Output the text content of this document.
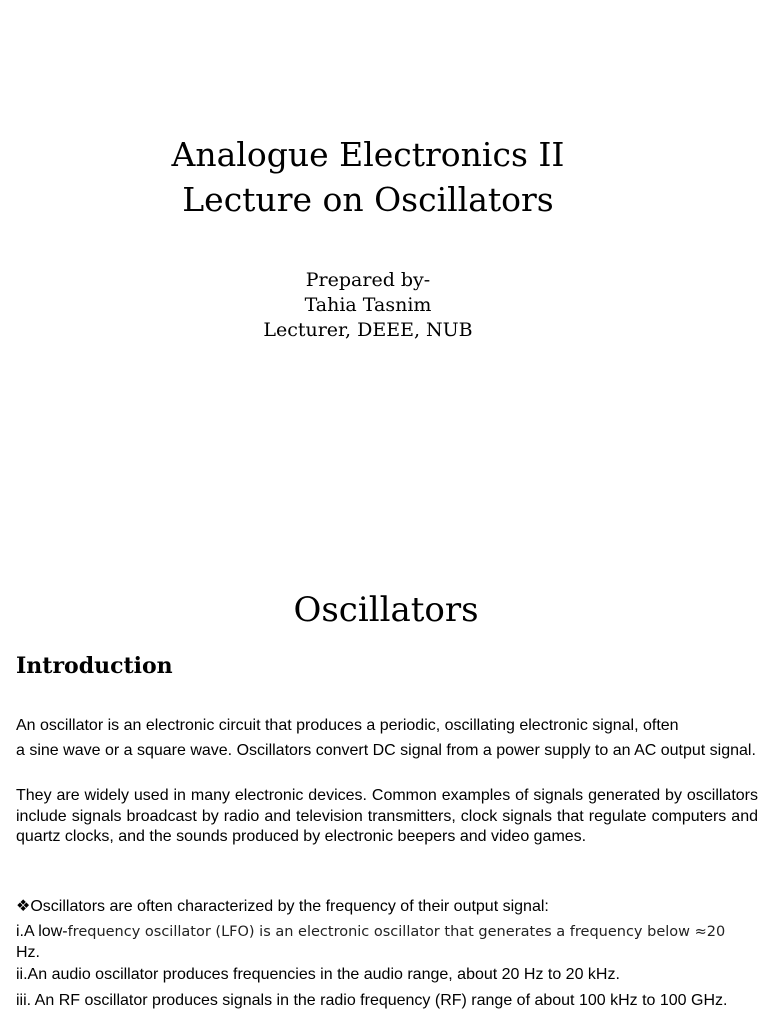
Analogue Electronics II

Lecture on Oscillators

Prepared by-

Tahia Tasnim

Lecturer, DEEE, NUB

Oscillators
Introduction

An oscillator is an electronic circuit that produces a periodic, oscillating electronic signal, often

a sine wave or a square wave. Oscillators convert DC signal from a power supply to an AC output signal.

They are widely used in many electronic devices. Common examples of signals generated by oscillators include signals broadcast by radio and television transmitters, clock signals that regulate computers and quartz clocks, and the sounds produced by electronic beepers and video games.

❖Oscillators are often characterized by the frequency of their output signal:

i.A low-frequency oscillator (LFO) is an electronic oscillator that generates a frequency below ≈20
Hz.

ii.An audio oscillator produces frequencies in the audio range, about 20 Hz to 20 kHz.

iii. An RF oscillator produces signals in the radio frequency (RF) range of about 100 kHz to 100 GHz.
